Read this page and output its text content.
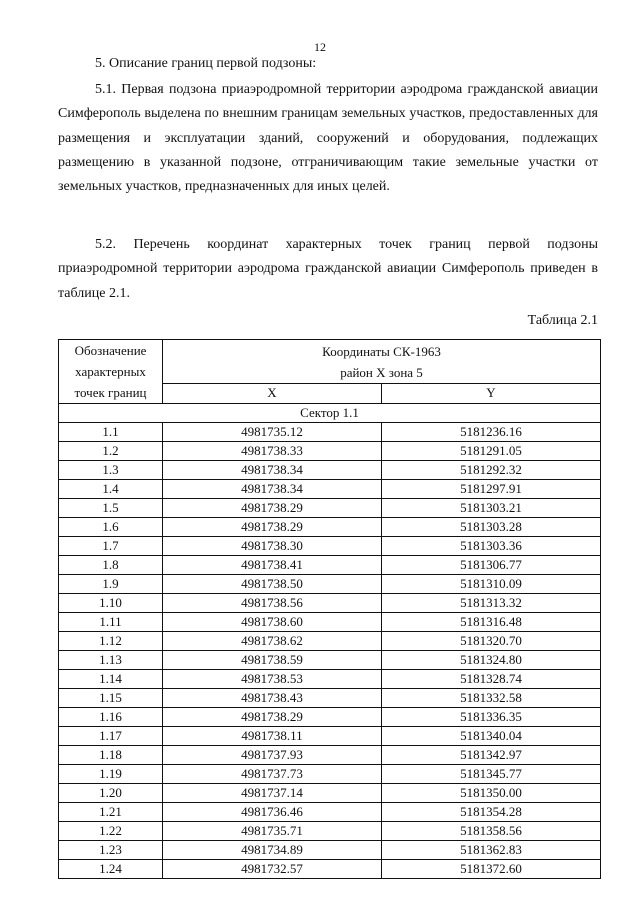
12
5. Описание границ первой подзоны:

5.1. Первая подзона приаэродромной территории аэродрома гражданской авиации Симферополь выделена по внешним границам земельных участков, предоставленных для размещения и эксплуатации зданий, сооружений и оборудования, подлежащих размещению в указанной подзоне, отграничивающим такие земельные участки от земельных участков, предназначенных для иных целей.

5.2. Перечень координат характерных точек границ первой подзоны приаэродромной территории аэродрома гражданской авиации Симферополь приведен в таблице 2.1.

Таблица 2.1
Обозначение характерных точек границ	Координаты СК-1963
район X зона 5	
	X	Y
Сектор 1.1		
1.1	4981735.12	5181236.16
1.2	4981738.33	5181291.05
1.3	4981738.34	5181292.32
1.4	4981738.34	5181297.91
1.5	4981738.29	5181303.21
1.6	4981738.29	5181303.28
1.7	4981738.30	5181303.36
1.8	4981738.41	5181306.77
1.9	4981738.50	5181310.09
1.10	4981738.56	5181313.32
1.11	4981738.60	5181316.48
1.12	4981738.62	5181320.70
1.13	4981738.59	5181324.80
1.14	4981738.53	5181328.74
1.15	4981738.43	5181332.58
1.16	4981738.29	5181336.35
1.17	4981738.11	5181340.04
1.18	4981737.93	5181342.97
1.19	4981737.73	5181345.77
1.20	4981737.14	5181350.00
1.21	4981736.46	5181354.28
1.22	4981735.71	5181358.56
1.23	4981734.89	5181362.83
1.24	4981732.57	5181372.60
